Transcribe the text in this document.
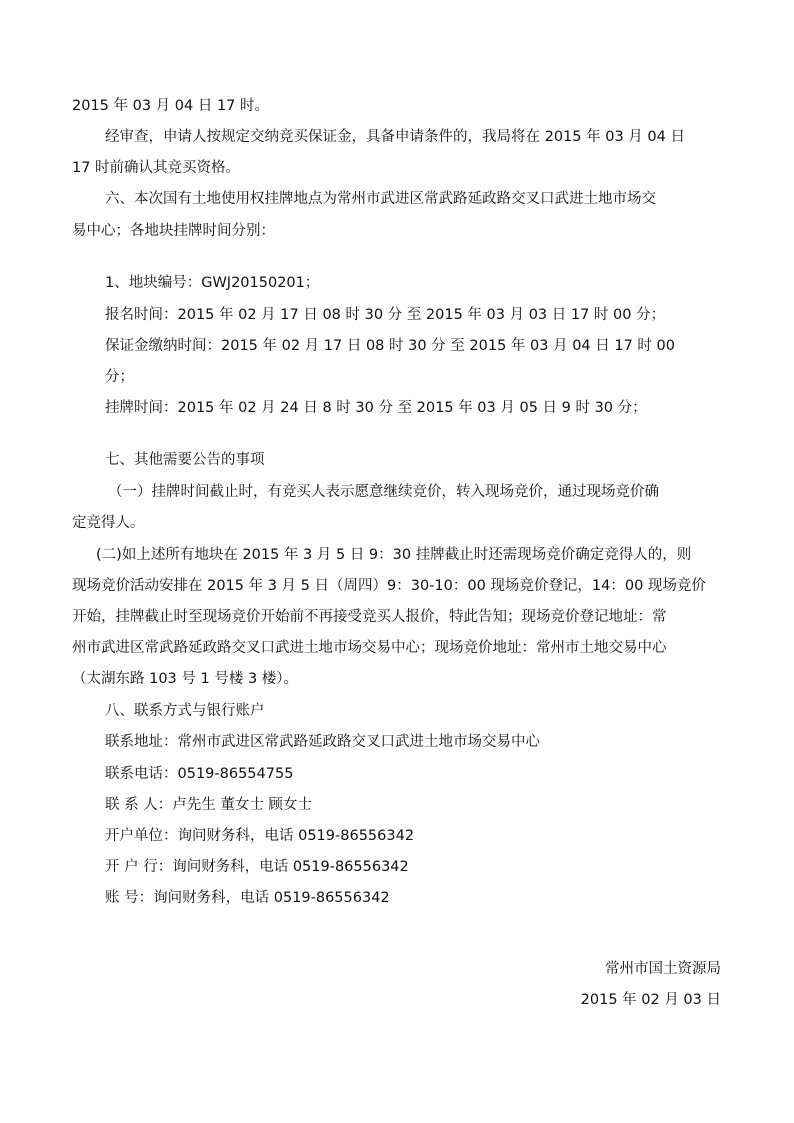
2015 年 03 月 04 日 17 时。
经审查，申请人按规定交纳竞买保证金，具备申请条件的，我局将在 2015 年 03 月 04 日
17 时前确认其竞买资格。
六、本次国有土地使用权挂牌地点为常州市武进区常武路延政路交叉口武进土地市场交
易中心；各地块挂牌时间分别：
1、地块编号：GWJ20150201；
报名时间：2015 年 02 月 17 日 08 时 30 分 至 2015 年 03 月 03 日 17 时 00 分；
保证金缴纳时间：2015 年 02 月 17 日 08 时 30 分 至 2015 年 03 月 04 日 17 时 00
分；
挂牌时间：2015 年 02 月 24 日 8 时 30 分 至 2015 年 03 月 05 日 9 时 30 分；
七、其他需要公告的事项
（一）挂牌时间截止时，有竞买人表示愿意继续竞价，转入现场竞价，通过现场竞价确
定竞得人。
(二)如上述所有地块在 2015 年 3 月 5 日 9：30 挂牌截止时还需现场竞价确定竞得人的，则
现场竞价活动安排在 2015 年 3 月 5 日（周四）9：30-10：00 现场竞价登记，14：00 现场竞价
开始，挂牌截止时至现场竞价开始前不再接受竞买人报价，特此告知；现场竞价登记地址：常
州市武进区常武路延政路交叉口武进土地市场交易中心；现场竞价地址：常州市土地交易中心
（太湖东路 103 号 1 号楼 3 楼）。
八、联系方式与银行账户
联系地址：常州市武进区常武路延政路交叉口武进土地市场交易中心
联系电话：0519-86554755
联 系 人：卢先生 董女士 顾女士
开户单位：询问财务科，电话 0519-86556342
开 户 行：询问财务科，电话 0519-86556342
账 号：询问财务科，电话 0519-86556342
常州市国土资源局
2015 年 02 月 03 日
